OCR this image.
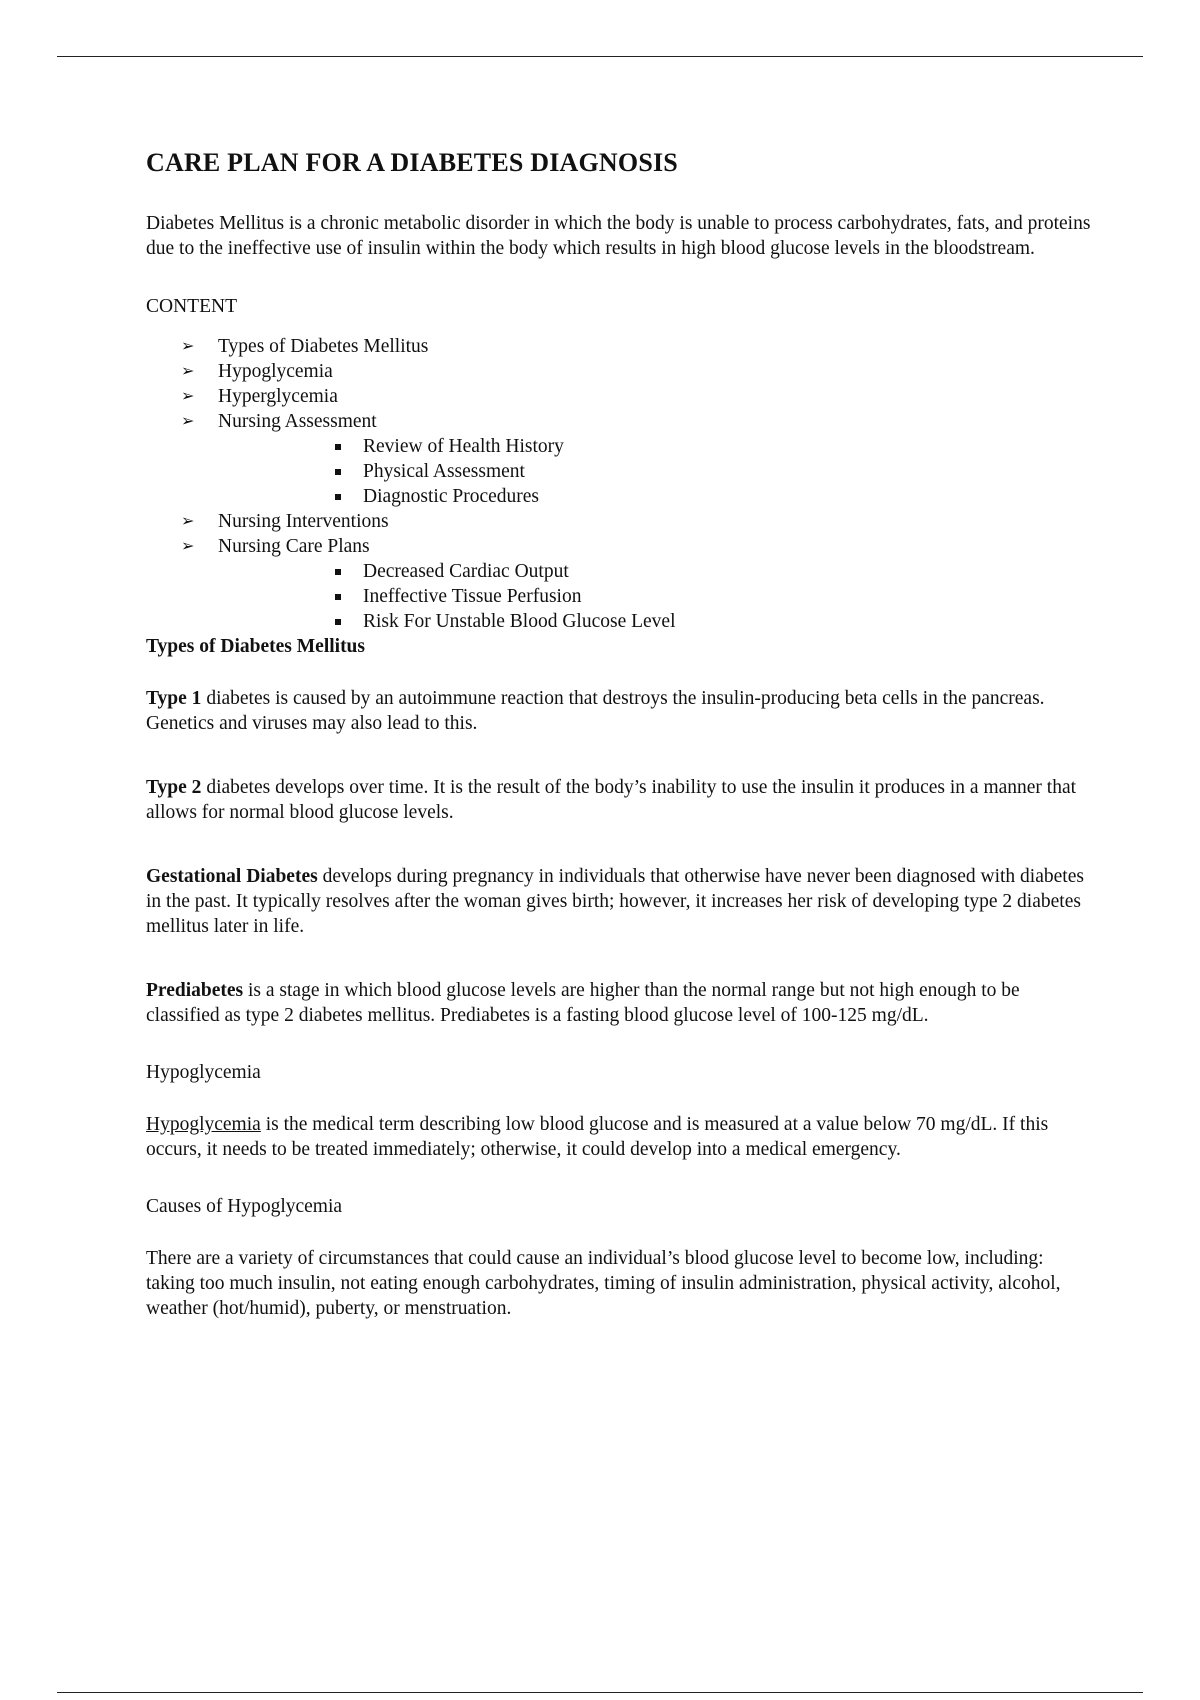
CARE PLAN FOR A DIABETES DIAGNOSIS

Diabetes Mellitus is a chronic metabolic disorder in which the body is unable to process carbohydrates, fats, and proteins due to the ineffective use of insulin within the body which results in high blood glucose levels in the bloodstream.

CONTENT

➢ Types of Diabetes Mellitus
➢ Hypoglycemia
➢ Hyperglycemia
➢ Nursing Assessment
Review of Health History
Physical Assessment
Diagnostic Procedures
➢ Nursing Interventions
➢ Nursing Care Plans
Decreased Cardiac Output
Ineffective Tissue Perfusion
Risk For Unstable Blood Glucose Level

Types of Diabetes Mellitus

Type 1 diabetes is caused by an autoimmune reaction that destroys the insulin-producing beta cells in the pancreas. Genetics and viruses may also lead to this.

Type 2 diabetes develops over time. It is the result of the body’s inability to use the insulin it produces in a manner that allows for normal blood glucose levels.

Gestational Diabetes develops during pregnancy in individuals that otherwise have never been diagnosed with diabetes in the past. It typically resolves after the woman gives birth; however, it increases her risk of developing type 2 diabetes mellitus later in life.

Prediabetes is a stage in which blood glucose levels are higher than the normal range but not high enough to be classified as type 2 diabetes mellitus. Prediabetes is a fasting blood glucose level of 100-125 mg/dL.

Hypoglycemia

Hypoglycemia is the medical term describing low blood glucose and is measured at a value below 70 mg/dL. If this occurs, it needs to be treated immediately; otherwise, it could develop into a medical emergency.

Causes of Hypoglycemia

There are a variety of circumstances that could cause an individual’s blood glucose level to become low, including: taking too much insulin, not eating enough carbohydrates, timing of insulin administration, physical activity, alcohol, weather (hot/humid), puberty, or menstruation.
